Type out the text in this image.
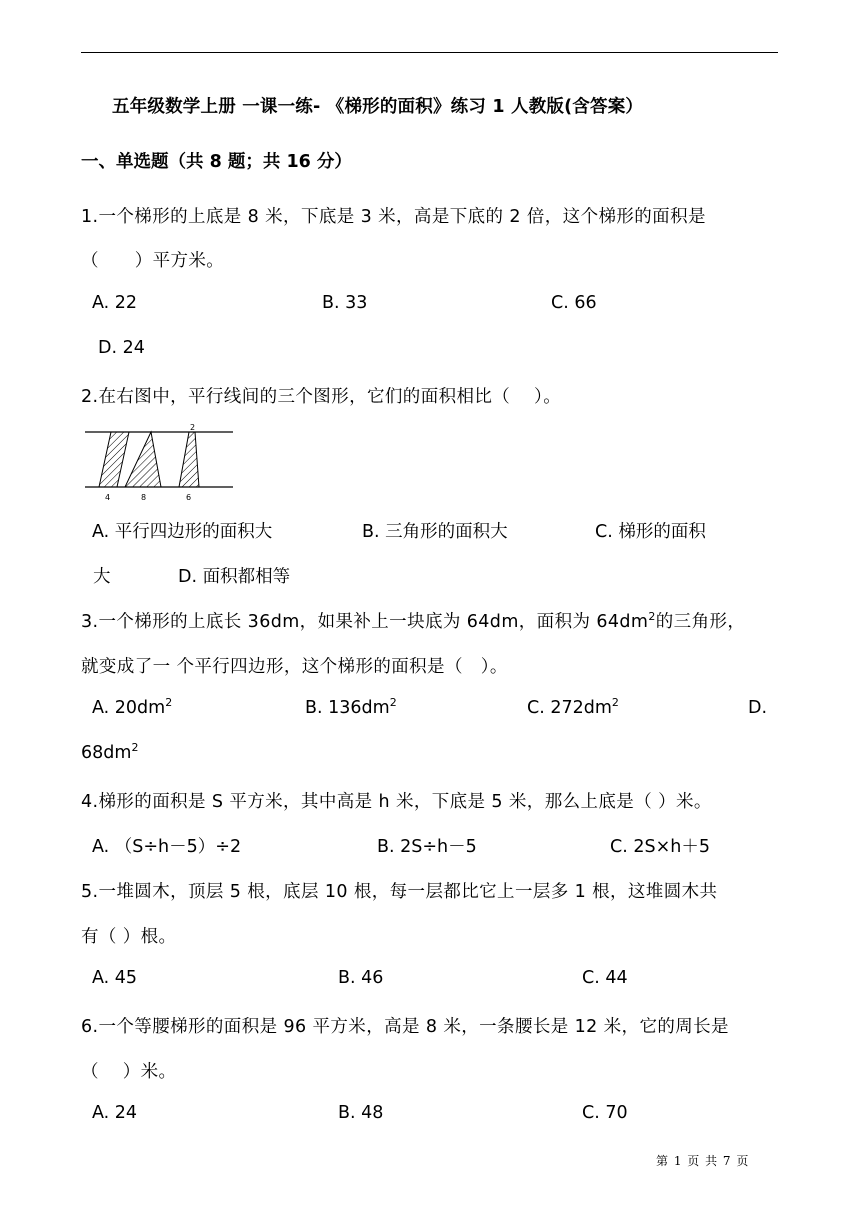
五年级数学上册 一课一练- 《梯形的面积》练习 1 人教版(含答案）
一、单选题（共 8 题；共 16 分）
1.一个梯形的上底是 8 米，下底是 3 米，高是下底的 2 倍，这个梯形的面积是
（　　）平方米。
A. 22	B. 33	C. 66
D. 24
2.在右图中，平行线间的三个图形，它们的面积相比（　 ）。
2
4	8	6
A. 平行四边形的面积大	B. 三角形的面积大	C. 梯形的面积
大	D. 面积都相等
3.一个梯形的上底长 36dm，如果补上一块底为 64dm，面积为 $64dm^2$的三角形，
就变成了一 个平行四边形，这个梯形的面积是（　）。
A. $20dm^2$	B. $136dm^2$	C. $272dm^2$	D.
$68dm^2$
4.梯形的面积是 S 平方米，其中高是 h 米，下底是 5 米，那么上底是（ ）米。
A. （S÷h－5）÷2	B. 2S÷h－5	C. 2S×h＋5
5.一堆圆木，顶层 5 根，底层 10 根，每一层都比它上一层多 1 根，这堆圆木共
有（ ）根。
A. 45	B. 46	C. 44
6.一个等腰梯形的面积是 96 平方米，高是 8 米，一条腰长是 12 米，它的周长是
（　 ）米。
A. 24	B. 48	C. 70
第 1 页 共 7 页
